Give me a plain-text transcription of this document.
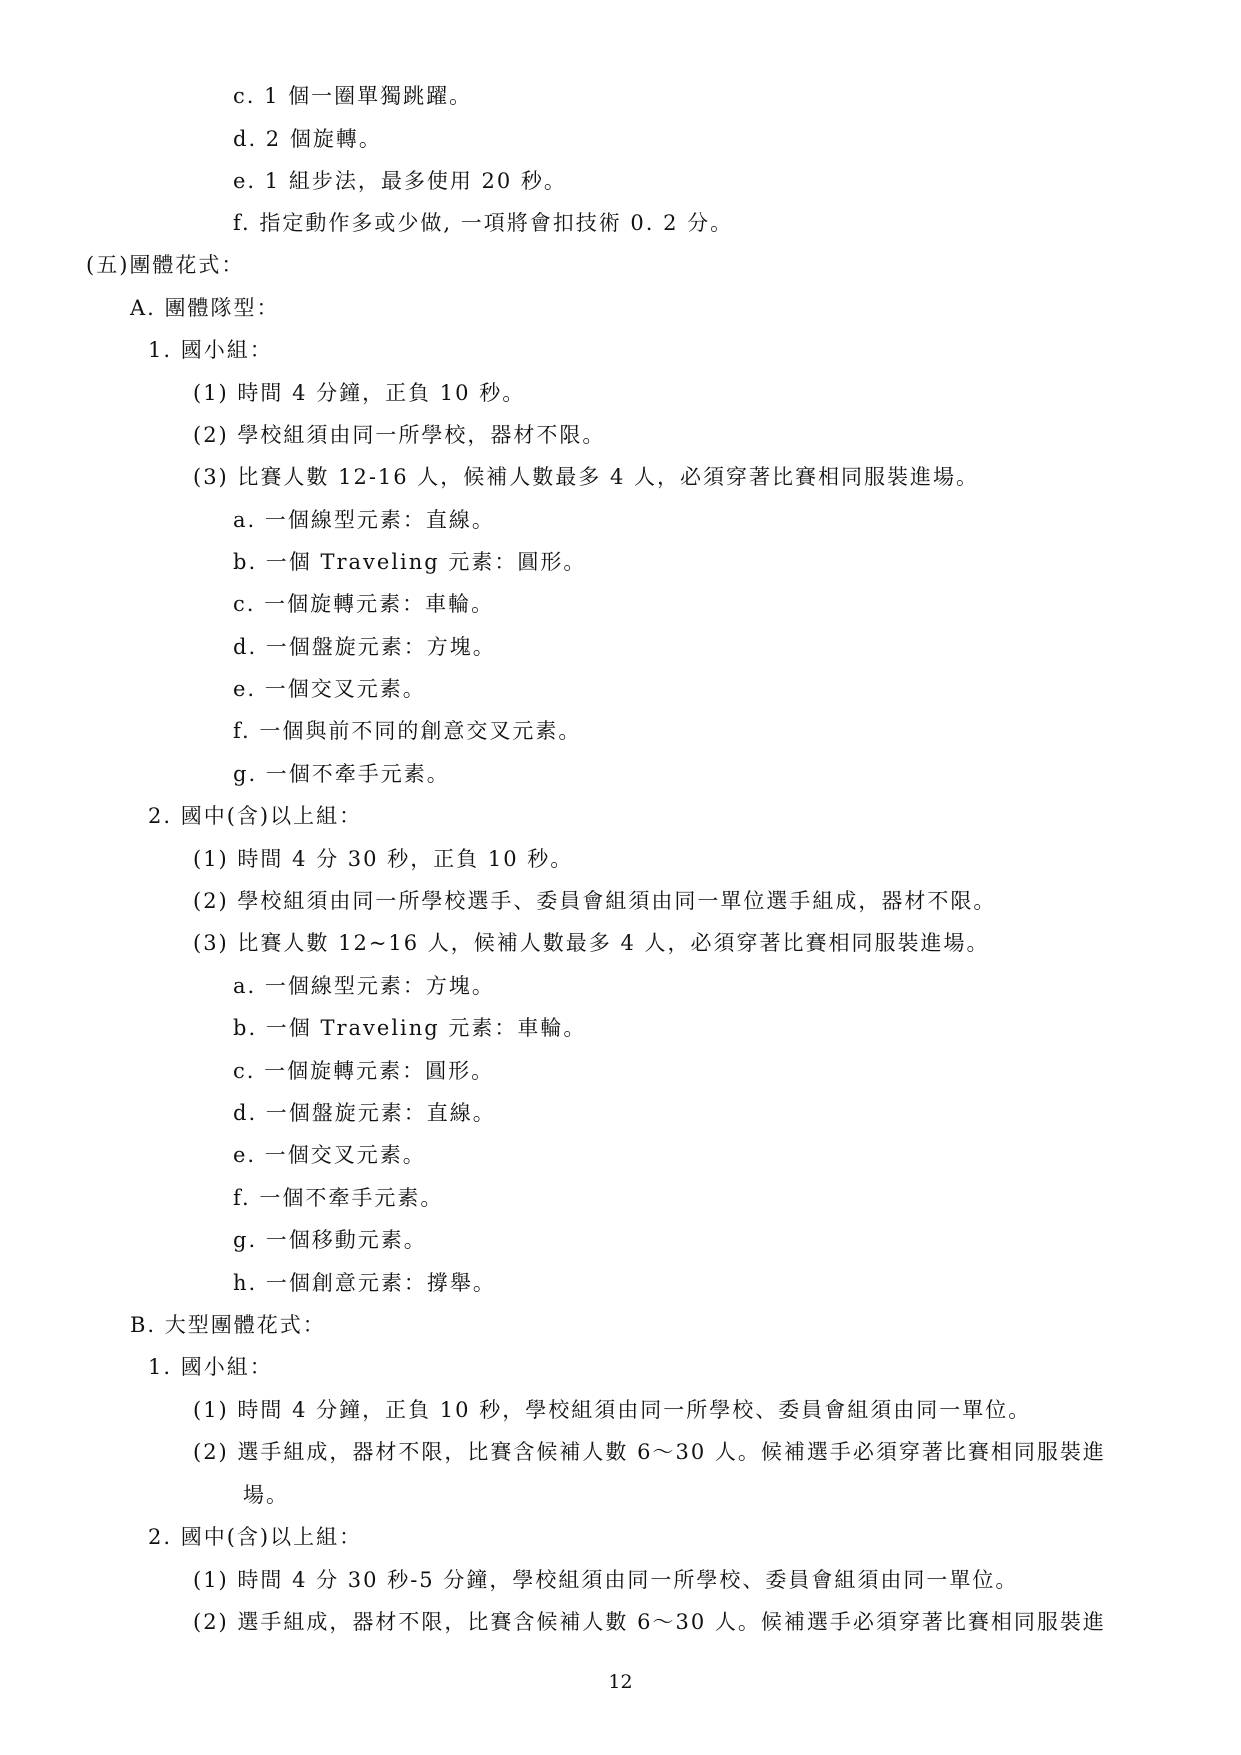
c. 1 個一圈單獨跳躍。
d. 2 個旋轉。
e. 1 組步法，最多使用 20 秒。
f. 指定動作多或少做, 一項將會扣技術 0. 2 分。
(五)團體花式：
A. 團體隊型：
1. 國小組：
(1) 時間 4 分鐘，正負 10 秒。
(2) 學校組須由同一所學校，器材不限。
(3) 比賽人數 12-16 人，候補人數最多 4 人，必須穿著比賽相同服裝進場。
a. 一個線型元素：直線。
b. 一個 Traveling 元素：圓形。
c. 一個旋轉元素：車輪。
d. 一個盤旋元素：方塊。
e. 一個交叉元素。
f. 一個與前不同的創意交叉元素。
g. 一個不牽手元素。
2. 國中(含)以上組：
(1) 時間 4 分 30 秒，正負 10 秒。
(2) 學校組須由同一所學校選手、委員會組須由同一單位選手組成，器材不限。
(3) 比賽人數 12~16 人，候補人數最多 4 人，必須穿著比賽相同服裝進場。
a. 一個線型元素：方塊。
b. 一個 Traveling 元素：車輪。
c. 一個旋轉元素：圓形。
d. 一個盤旋元素：直線。
e. 一個交叉元素。
f. 一個不牽手元素。
g. 一個移動元素。
h. 一個創意元素：撐舉。
B. 大型團體花式：
1. 國小組：
(1) 時間 4 分鐘，正負 10 秒，學校組須由同一所學校、委員會組須由同一單位。
(2) 選手組成，器材不限，比賽含候補人數 6～30 人。候補選手必須穿著比賽相同服裝進
場。
2. 國中(含)以上組：
(1) 時間 4 分 30 秒-5 分鐘，學校組須由同一所學校、委員會組須由同一單位。
(2) 選手組成，器材不限，比賽含候補人數 6～30 人。候補選手必須穿著比賽相同服裝進
12
